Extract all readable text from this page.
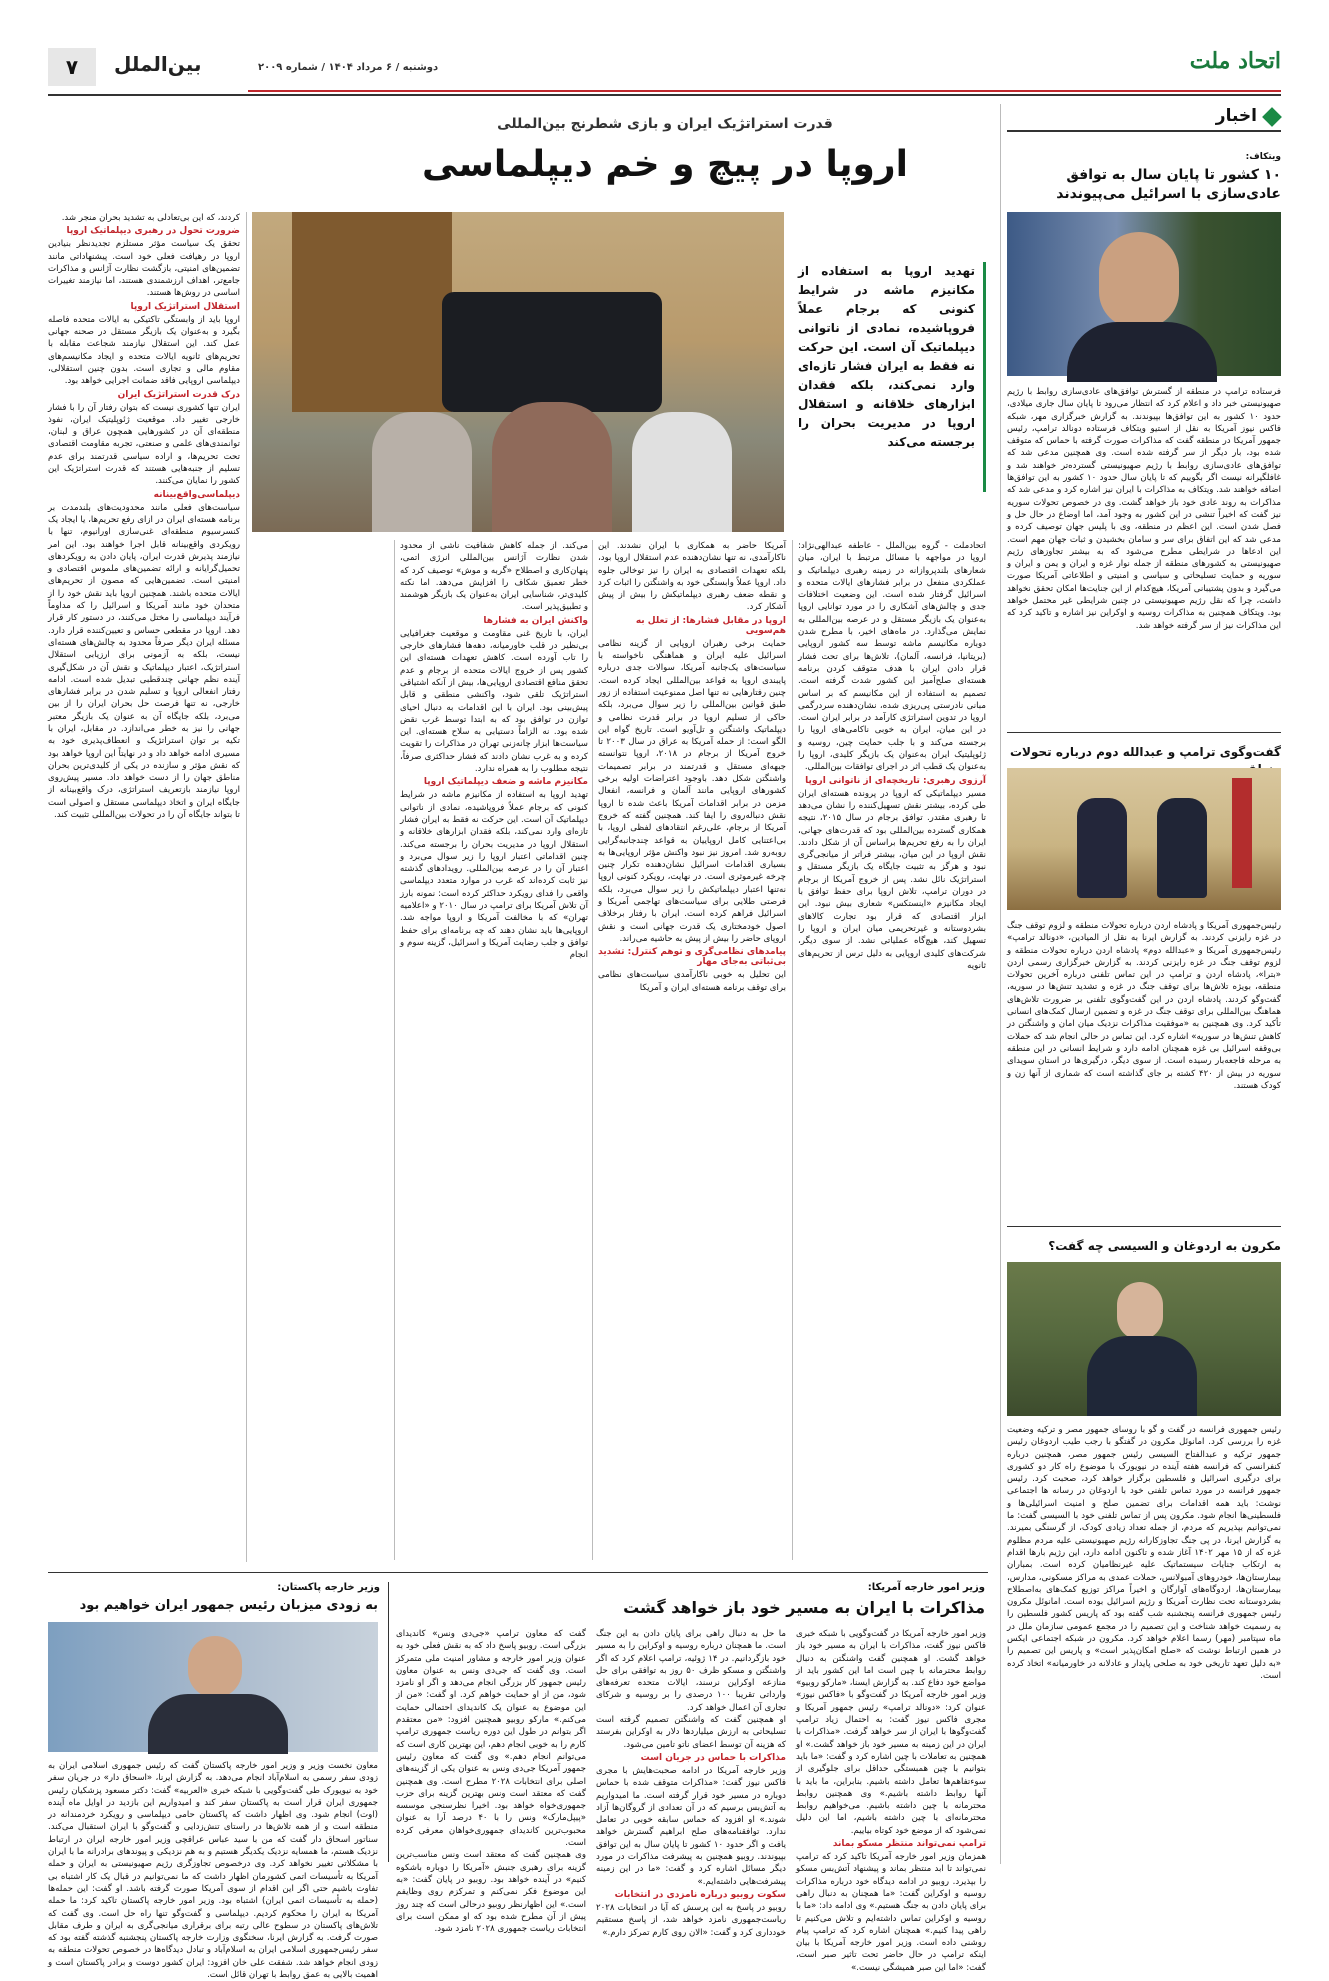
اتحاد ملت
بین‌الملل
۷	دوشنبه / ۶ مرداد ۱۴۰۴ / شماره ۲۰۰۹
اخبار
ویتکاف:
۱۰ کشور تا پایان سال به توافق عادی‌سازی با اسرائیل می‌پیوندند

فرستاده ترامپ در منطقه از گسترش توافق‌های عادی‌سازی روابط با رژیم صهیونیستی خبر داد و اعلام کرد که انتظار می‌رود تا پایان سال جاری میلادی، حدود ۱۰ کشور به این توافق‌ها بپیوندند. به گزارش خبرگزاری مهر، شبکه فاکس نیوز آمریکا به نقل از استیو ویتکاف فرستاده دونالد ترامپ، رئیس جمهور آمریکا در منطقه گفت که مذاکرات صورت گرفته با حماس که متوقف شده بود، بار دیگر از سر گرفته شده است. وی همچنین مدعی شد که توافق‌های عادی‌سازی روابط با رژیم صهیونیستی گسترده‌تر خواهند شد و غافلگیرانه نیست اگر بگوییم که تا پایان سال حدود ۱۰ کشور به این توافق‌ها اضافه خواهند شد. ویتکاف به مذاکرات با ایران نیز اشاره کرد و مدعی شد که مذاکرات به روند عادی خود باز خواهد گشت. وی در خصوص تحولات سوریه نیز گفت که اخیراً تنشی در این کشور به وجود آمد، اما اوضاع در حال حل و فصل شدن است. این اعظم در منطقه، وی با پلیس جهان توصیف کرده و مدعی شد که این اتفاق برای سر و سامان بخشیدن و ثبات جهان مهم است. این ادعاها در شرایطی مطرح می‌شود که به بیشتر تجاوزهای رژیم صهیونیستی به کشورهای منطقه از جمله نوار غزه و ایران و یمن و ایران و سوریه و حمایت تسلیحاتی و سیاسی و امنیتی و اطلاعاتی آمریکا صورت می‌گیرد و بدون پشتیبانی آمریکا، هیچ‌کدام از این جنایت‌ها امکان تحقق نخواهد داشت، چرا که نقل رژیم صهیونیستی در چنین شرایطی غیر محتمل خواهد بود. ویتکاف همچنین به مذاکرات روسیه و اوکراین نیز اشاره و تاکید کرد که این مذاکرات نیز از سر گرفته خواهد شد.

گفت‌وگوی ترامپ و عبدالله دوم درباره تحولات

رئیس‌جمهوری آمریکا و پادشاه اردن درباره تحولات منطقه و لزوم توقف جنگ در غزه رایزنی کردند. به گزارش ایرنا به نقل از المیادین، «دونالد ترامپ» رئیس‌جمهوری آمریکا و «عبدالله دوم» پادشاه اردن درباره تحولات منطقه و لزوم توقف جنگ در غزه رایزنی کردند. به گزارش خبرگزاری رسمی اردن «بترا»، پادشاه اردن و ترامپ در این تماس تلفنی درباره آخرین تحولات منطقه، بویژه تلاش‌ها برای توقف جنگ در غزه و تشدید تنش‌ها در سوریه، گفت‌وگو کردند. پادشاه اردن در این گفت‌وگوی تلفنی بر ضرورت تلاش‌های هماهنگ بین‌المللی برای توقف جنگ در غزه و تضمین ارسال کمک‌های انسانی تأکید کرد. وی همچنین به «موفقیت مذاکرات نزدیک میان امان و واشنگتن در کاهش تنش‌ها در سوریه» اشاره کرد. این تماس در حالی انجام شد که حملات بی‌وقفه اسرائیل بی غزه همچنان ادامه دارد و شرایط انسانی در این منطقه به مرحله فاجعه‌بار رسیده است. از سوی دیگر، درگیری‌ها در استان سویدای سوریه در بیش از ۴۲۰ کشته بر جای گذاشته است که شماری از آنها زن و کودک هستند.

مکرون به اردوغان و السیسی چه گفت؟

رئیس جمهوری فرانسه در گفت و گو با روسای جمهور مصر و ترکیه وضعیت غزه را بررسی کرد. امانوئل مکرون در گفتگو با رجب طیب اردوغان رئیس جمهور ترکیه و عبدالفتاح السیسی رئیس جمهور مصر، همچنین درباره کنفرانسی که فرانسه هفته آینده در نیویورک با موضوع راه کار دو کشوری برای درگیری اسرائیل و فلسطین برگزار خواهد کرد، صحبت کرد. رئیس جمهور فرانسه در مورد تماس تلفنی خود با اردوغان در رسانه ها اجتماعی نوشت: باید همه اقدامات برای تضمین صلح و امنیت اسرائیلی‌ها و فلسطینی‌ها انجام شود. مکرون پس از تماس تلفنی خود با السیسی گفت: ما نمی‌توانیم بپذیریم که مردم، از جمله تعداد زیادی کودک، از گرسنگی بمیرند. به گزارش ایرنا، در پی جنگ تجاوزکارانه رژیم صهیونیستی علیه مردم مظلوم غزه که از ۱۵ مهر ۱۴۰۲ آغاز شده و تاکنون ادامه دارد، این رژیم بارها اقدام به ارتکاب جنایات سیستماتیک علیه غیرنظامیان کرده است. بمباران بیمارستان‌ها، خودروهای آمبولانس، حملات عمدی به مراکز مسکونی، مدارس، بیمارستان‌ها، اردوگاه‌های آوارگان و اخیراً مراکز توزیع کمک‌های به‌اصطلاح بشردوستانه تحت نظارت آمریکا و رژیم اسرائیل بوده است. امانوئل مکرون رئیس جمهوری فرانسه پنجشنبه شب گفته بود که پاریس کشور فلسطین را به رسمیت خواهد شناخت و این تصمیم را در مجمع عمومی سازمان ملل در ماه سپتامبر (مهر) رسما اعلام خواهد کرد. مکرون در شبکه اجتماعی ایکس در همین ارتباط نوشت که «صلح امکان‌پذیر است» و پاریس این تصمیم را «به دلیل تعهد تاریخی خود به صلحی پایدار و عادلانه در خاورمیانه» اتخاذ کرده است.

قدرت استراتژیک ایران و بازی شطرنج بین‌المللی
اروپا در پیچ و خم دیپلماسی
تهدید اروپا به استفاده از مکانیزم ماشه در شرایط کنونی که برجام عملاً فروپاشیده، نمادی از ناتوانی دیپلماتیک آن است. این حرکت نه فقط به ایران فشار تازه‌ای وارد نمی‌کند، بلکه فقدان ابزارهای خلاقانه و استقلال اروپا در مدیریت بحران را برجسته می‌کند

اتحادملت - گروه بین‌الملل - عاطفه عبدالهی‌نژاد: اروپا در مواجهه با مسائل مرتبط با ایران، میان شعارهای بلندپروازانه در زمینه رهبری دیپلماتیک و عملکردی منفعل در برابر فشارهای ایالات متحده و اسرائیل گرفتار شده است. این وضعیت اختلافات جدی و چالش‌های آشکاری را در مورد توانایی اروپا به‌عنوان یک بازیگر مستقل و در عرصه بین‌المللی به نمایش می‌گذارد. در ماه‌های اخیر، با مطرح شدن دوباره مکانیسم ماشه توسط سه کشور اروپایی (بریتانیا، فرانسه، آلمان)، تلاش‌ها برای تحت فشار قرار دادن ایران با هدف متوقف کردن برنامه هسته‌ای صلح‌آمیز این کشور شدت گرفته است. تصمیم به استفاده از این مکانیسم که بر اساس مبانی نادرستی پی‌ریزی شده، نشان‌دهنده سردرگمی اروپا در تدوین استراتژی کارآمد در برابر ایران است. در این میان، ایران به خوبی ناکامی‌های اروپا را برجسته می‌کند و با جلب حمایت چین، روسیه و ژئوپلیتیک ایران به‌عنوان یک بازیگر کلیدی، اروپا را به‌عنوان یک قطب اثر در اجرای توافقات بین‌المللی.

آرزوی رهبری: تاریخچه‌ای از ناتوانی اروپا

مسیر دیپلماتیکی که اروپا در پرونده هسته‌ای ایران طی کرده، بیشتر نقش تسهیل‌کننده را نشان می‌دهد تا رهبری مقتدر. توافق برجام در سال ۲۰۱۵، نتیجه همکاری گسترده بین‌المللی بود که قدرت‌های جهانی، ایران را به رفع تحریم‌ها براساس آن از شکل دادند. نقش اروپا در این میان، بیشتر فراتر از میانجی‌گری نبود و هرگز به تثبیت جایگاه یک بازیگر مستقل و استراتژیک نائل نشد. پس از خروج آمریکا از برجام در دوران ترامپ، تلاش اروپا برای حفظ توافق با ایجاد مکانیزم «اینستکس» شعاری بیش نبود. این ابزار اقتصادی که قرار بود تجارت کالاهای بشردوستانه و غیرتحریمی میان ایران و اروپا را تسهیل کند، هیچ‌گاه عملیاتی نشد. از سوی دیگر، شرکت‌های کلیدی اروپایی به دلیل ترس از تحریم‌های ثانویه

آمریکا حاضر به همکاری با ایران نشدند. این ناکارآمدی، نه تنها نشان‌دهنده عدم استقلال اروپا بود، بلکه تعهدات اقتصادی به ایران را نیز توخالی جلوه داد. اروپا عملاً وابستگی خود به واشنگتن را اثبات کرد و نقطه ضعف رهبری دیپلماتیکش را بیش از پیش آشکار کرد.

اروپا در مقابل فشارها: از تعلل به هم‌سویی

حمایت برخی رهبران اروپایی از گزینه نظامی اسرائیل علیه ایران و هماهنگی ناخواسته با سیاست‌های یک‌جانبه آمریکا، سوالات جدی درباره پایبندی اروپا به قواعد بین‌المللی ایجاد کرده است. چنین رفتارهایی نه تنها اصل ممنوعیت استفاده از زور طبق قوانین بین‌المللی را زیر سوال می‌برد، بلکه حاکی از تسلیم اروپا در برابر قدرت نظامی و دیپلماتیک واشنگتن و تل‌آویو است. تاریخ گواه این الگو است: از حمله آمریکا به عراق در سال ۲۰۰۳ تا خروج آمریکا از برجام در ۲۰۱۸، اروپا نتوانسته جبهه‌ای مستقل و قدرتمند در برابر تصمیمات واشنگتن شکل دهد. باوجود اعتراضات اولیه برخی کشورهای اروپایی مانند آلمان و فرانسه، انفعال مزمن در برابر اقدامات آمریکا باعث شده تا اروپا نقش دنباله‌روی را ایفا کند. همچنین گفته که خروج آمریکا از برجام، علی‌رغم انتقادهای لفظی اروپا، با بی‌اعتنایی کامل اروپاییان به قواعد چندجانبه‌گرایی روبه‌رو شد. امروز نیز نبود واکنش مؤثر اروپایی‌ها به بسیاری اقدامات اسرائیل نشان‌دهنده تکرار چنین چرخه غیرموثری است. در نهایت، رویکرد کنونی اروپا نه‌تنها اعتبار دیپلماتیکش را زیر سوال می‌برد، بلکه فرصتی طلایی برای سیاست‌های تهاجمی آمریکا و اسرائیل فراهم کرده است. ایران با رفتار برخلاف اصول خودمختاری یک قدرت جهانی است و نقش اروپای حاضر را بیش از پیش به حاشیه می‌راند.

پیامدهای نظامی‌گری و توهم کنترل: تشدید بی‌ثباتی به‌جای مهار

این تحلیل به خوبی ناکارآمدی سیاست‌های نظامی برای توقف برنامه هسته‌ای ایران و آمریکا

می‌کند. از جمله کاهش شفافیت ناشی از محدود شدن نظارت آژانس بین‌المللی انرژی اتمی، پنهان‌کاری و اصطلاح «گربه و موش» توصیف کرد که خطر تعمیق شکاف را افزایش می‌دهد. اما نکته کلیدی‌تر، شناسایی ایران به‌عنوان یک بازیگر هوشمند و تطبیق‌پذیر است.

واکنش ایران به فشارها

ایران، با تاریخ غنی مقاومت و موقعیت جغرافیایی بی‌نظیر در قلب خاورمیانه، دهه‌ها فشارهای خارجی را تاب آورده است. کاهش تعهدات هسته‌ای این کشور پس از خروج ایالات متحده از برجام و عدم تحقق منافع اقتصادی اروپایی‌ها، بیش از آنکه اشتیاقی استراتژیک تلقی شود، واکنشی منطقی و قابل پیش‌بینی بود. ایران با این اقدامات به دنبال احیای توازن در توافق بود که به ابتدا توسط غرب نقض شده بود. نه الزاماً دستیابی به سلاح هسته‌ای. این سیاست‌ها ابزار چانه‌زنی تهران در مذاکرات را تقویت کرده و به غرب نشان دادند که فشار حداکثری صرفاً، نتیجه مطلوب را به همراه ندارد.

مکانیزم ماشه و ضعف دیپلماتیک اروپا

تهدید اروپا به استفاده از مکانیزم ماشه در شرایط کنونی که برجام عملاً فروپاشیده، نمادی از ناتوانی دیپلماتیک آن است. این حرکت نه فقط به ایران فشار تازه‌ای وارد نمی‌کند، بلکه فقدان ابزارهای خلاقانه و استقلال اروپا در مدیریت بحران را برجسته می‌کند. چنین اقداماتی اعتبار اروپا را زیر سوال می‌برد و اعتبار آن را در عرصه بین‌المللی. رویدادهای گذشته نیز ثابت کرده‌اند که غرب در موارد متعدد دیپلماسی واقعی را فدای رویکرد حداکثر کرده است: نمونه بارز آن تلاش آمریکا برای ترامپ در سال ۲۰۱۰ و «اعلامیه تهران» که با مخالفت آمریکا و اروپا مواجه شد. اروپایی‌ها باید نشان دهند که چه برنامه‌ای برای حفظ توافق و جلب رضایت آمریکا و اسرائیل، گزینه سوم و انجام

کردند، که این بی‌تعادلی به تشدید بحران منجر شد.

ضرورت تحول در رهبری دیپلماتیک اروپا

تحقق یک سیاست مؤثر مستلزم تجدیدنظر بنیادین اروپا در رهیافت فعلی خود است. پیشنهاداتی مانند تضمین‌های امنیتی، بازگشت نظارت آژانس و مذاکرات جامع‌تر، اهداف ارزشمندی هستند، اما نیازمند تغییرات اساسی در روش‌ها هستند.

استقلال استراتژیک اروپا

اروپا باید از وابستگی تاکتیکی به ایالات متحده فاصله بگیرد و به‌عنوان یک بازیگر مستقل در صحنه جهانی عمل کند. این استقلال نیازمند شجاعت مقابله با تحریم‌های ثانویه ایالات متحده و ایجاد مکانیسم‌های مقاوم مالی و تجاری است. بدون چنین استقلالی، دیپلماسی اروپایی فاقد ضمانت اجرایی خواهد بود.

درک قدرت استراتژیک ایران

ایران تنها کشوری نیست که بتوان رفتار آن را با فشار خارجی تغییر داد. موقعیت ژئوپلیتیک ایران، نفوذ منطقه‌ای آن در کشورهایی همچون عراق و لبنان، توانمندی‌های علمی و صنعتی، تجربه مقاومت اقتصادی تحت تحریم‌ها، و اراده سیاسی قدرتمند برای عدم تسلیم از جنبه‌هایی هستند که قدرت استراتژیک این کشور را نمایان می‌کنند.

دیپلماسی‌واقع‌بینانه

سیاست‌های فعلی مانند محدودیت‌های بلندمدت بر برنامه هسته‌ای ایران در ازای رفع تحریم‌ها، یا ایجاد یک کنسرسیوم منطقه‌ای غنی‌سازی اورانیوم، تنها با رویکردی واقع‌بینانه قابل اجرا خواهند بود. این امر نیازمند پذیرش قدرت ایران، پایان دادن به رویکردهای تحمیل‌گرایانه و ارائه تضمین‌های ملموس اقتصادی و امنیتی است. تضمین‌هایی که مصون از تحریم‌های ایالات متحده باشند. همچنین اروپا باید نقش خود را از متحدان خود مانند آمریکا و اسرائیل را که مداوماً فرآیند دیپلماسی را مختل می‌کنند، در دستور کار قرار دهد. اروپا در مقطعی حساس و تعیین‌کننده قرار دارد. مسئله ایران دیگر صرفاً محدود به چالش‌های هسته‌ای نیست، بلکه به آزمونی برای ارزیابی استقلال استراتژیک، اعتبار دیپلماتیک و نقش آن در شکل‌گیری آینده نظم جهانی چندقطبی تبدیل شده است. ادامه رفتار انفعالی اروپا و تسلیم شدن در برابر فشارهای خارجی، نه تنها فرصت حل بحران ایران را از بین می‌برد، بلکه جایگاه آن به عنوان یک بازیگر معتبر جهانی را نیز به خطر می‌اندازد. در مقابل، ایران با تکیه بر توان استراتژیک و انعطاف‌پذیری خود به مسیری ادامه خواهد داد و در نهایتاً این اروپا خواهد بود که نقش مؤثر و سازنده در یکی از کلیدی‌ترین بحران مناطق جهان را از دست خواهد داد. مسیر پیش‌روی اروپا نیازمند بازتعریف استراتژی، درک واقع‌بینانه از جایگاه ایران و اتخاذ دیپلماسی مستقل و اصولی است تا بتواند جایگاه آن را در تحولات بین‌المللی تثبیت کند.

وزیر امور خارجه آمریکا:
مذاکرات با ایران به مسیر خود باز خواهد گشت

وزیر امور خارجه آمریکا در گفت‌وگویی با شبکه خبری فاکس نیوز گفت، مذاکرات با ایران به مسیر خود باز خواهد گشت. او همچنین گفت واشنگتن به دنبال روابط محترمانه با چین است اما این کشور باید از مواضع خود دفاع کند. به گزارش ایسنا، «مارکو روبیو» وزیر امور خارجه آمریکا در گفت‌وگو با «فاکس نیوز» عنوان کرد: «دونالد ترامپ» رئیس جمهور آمریکا و مجری فاکس نیوز گفت: به احتمال زیاد ترامپ گفت‌وگوها با ایران از سر خواهد گرفت. «مذاکرات با ایران در این زمینه به مسیر خود باز خواهد گشت.» او همچنین به تعاملات با چین اشاره کرد و گفت: «ما باید بتوانیم با چین همبستگی حداقل برای جلوگیری از سوءتفاهم‌ها تعامل داشته باشیم. بنابراین، ما باید با آنها روابط داشته باشیم.» وی همچنین روابط محترمانه با چین داشته باشیم. می‌خواهیم روابط محترمانه‌ای با چین داشته باشیم، اما این دلیل نمی‌شود که از موضع خود کوتاه بیاییم.

ترامپ نمی‌تواند منتظر مسکو بماند

همزمان وزیر امور خارجه آمریکا تاکید کرد که ترامپ نمی‌تواند تا ابد منتظر بماند و پیشنهاد آتش‌بس مسکو را بپذیرد. روبیو در ادامه دیدگاه خود درباره مذاکرات روسیه و اوکراین گفت: «ما همچنان به دنبال راهی برای پایان دادن به جنگ هستیم.» وی ادامه داد: «ما با روسیه و اوکراین تماس داشته‌ایم و تلاش می‌کنیم تا راهی پیدا کنیم.» همچنان اشاره کرد که ترامپ پیام روشنی داده است. وزیر امور خارجه آمریکا با بیان اینکه ترامپ در حال حاضر تحت تاثیر صبر است، گفت: «اما این صبر همیشگی نیست.»

ما حل به دنبال راهی برای پایان دادن به این جنگ است. ما همچنان درباره روسیه و اوکراین را به مسیر خود بازگردانیم. در ۱۴ ژوئیه، ترامپ اعلام کرد که اگر واشنگتن و مسکو ظرف ۵۰ روز به توافقی برای حل منازعه اوکراین نرسند، ایالات متحده تعرفه‌های وارداتی تقریبا ۱۰۰ درصدی را بر روسیه و شرکای تجاری آن اعمال خواهد کرد.

او همچنین گفت که واشنگتن تصمیم گرفته است تسلیحاتی به ارزش میلیاردها دلار به اوکراین بفرستد که هزینه آن توسط اعضای ناتو تامین می‌شود.

مذاکرات با حماس در جریان است

وزیر خارجه آمریکا در ادامه صحبت‌هایش با مجری فاکس نیوز گفت: «مذاکرات متوقف شده با حماس دوباره در مسیر خود قرار گرفته است. ما امیدواریم به آتش‌بس برسیم که در آن تعدادی از گروگان‌ها آزاد شوند.» او افزود که حماس سابقه خوبی در تعامل ندارد. توافقنامه‌های صلح ابراهیم گسترش خواهد یافت و اگر حدود ۱۰ کشور تا پایان سال به این توافق بپیوندند. روبیو همچنین به پیشرفت مذاکرات در مورد دیگر مسائل اشاره کرد و گفت: «ما در این زمینه پیشرفت‌هایی داشته‌ایم.»

سکوت روبیو درباره نامزدی در انتخابات

روبیو در پاسخ به این پرسش که آیا در انتخابات ۲۰۲۸ ریاست‌جمهوری نامزد خواهد شد، از پاسخ مستقیم خودداری کرد و گفت: «الان روی کارم تمرکز دارم.»

گفت که معاون ترامپ «جی‌دی ونس» کاندیدای بزرگی است. روبیو پاسخ داد که به نقش فعلی خود به عنوان وزیر امور خارجه و مشاور امنیت ملی متمرکز است. وی گفت که جی‌دی ونس به عنوان معاون رئیس جمهور کار بزرگی انجام می‌دهد و اگر او نامزد شود، من از او حمایت خواهم کرد. او گفت: «من از این موضوع به عنوان یک کاندیدای احتمالی حمایت می‌کنم.» مارکو روبیو همچنین افزود: «من معتقدم اگر بتوانم در طول این دوره ریاست جمهوری ترامپ کارم را به خوبی انجام دهم، این بهترین کاری است که می‌توانم انجام دهم.» وی گفت که معاون رئیس جمهور آمریکا جی‌دی ونس به عنوان یکی از گزینه‌های اصلی برای انتخابات ۲۰۲۸ مطرح است. وی همچنین گفت که معتقد است ونس بهترین گزینه برای حزب جمهوری‌خواه خواهد بود. اخیرا نظرسنجی موسسه «پیپل‌مارک» ونس را با ۴۰ درصد آرا به عنوان محبوب‌ترین کاندیدای جمهوری‌خواهان معرفی کرده است.

وی همچنین گفت که معتقد است ونس مناسب‌ترین گزینه برای رهبری جنبش «آمریکا را دوباره باشکوه کنیم» در آینده خواهد بود. روبیو در پایان گفت: «به این موضوع فکر نمی‌کنم و تمرکزم روی وظایفم است.» این اظهارنظر روبیو درحالی است که چند روز پیش از آن مطرح شده بود که او ممکن است برای انتخابات ریاست جمهوری ۲۰۲۸ نامزد شود.

وزیر خارجه پاکستان:
به زودی میزبان رئیس جمهور ایران خواهیم بود

معاون نخست وزیر و وزیر امور خارجه پاکستان گفت که رئیس جمهوری اسلامی ایران به زودی سفر رسمی به اسلام‌آباد انجام می‌دهد. به گزارش ایرنا، «اسحاق دار» در جریان سفر خود به نیویورک طی گفت‌وگویی با شبکه خبری «العربیه» گفت: دکتر مسعود پزشکیان رئیس جمهوری ایران قرار است به پاکستان سفر کند و امیدواریم این بازدید در اوایل ماه آینده (اوت) انجام شود. وی اظهار داشت که پاکستان حامی دیپلماسی و رویکرد خردمندانه در منطقه است و از همه تلاش‌ها در راستای تنش‌زدایی و گفت‌وگو با ایران استقبال می‌کند. سناتور اسحاق دار گفت که من با سید عباس عراقچی وزیر امور خارجه ایران در ارتباط نزدیک هستم، ما همسایه نزدیک یکدیگر هستیم و به هم نزدیکی و پیوندهای برادرانه ما با ایران با مشکلاتی تغییر نخواهد کرد. وی درخصوص تجاوزگری رژیم صهیونیستی به ایران و حمله آمریکا به تأسیسات اتمی کشورمان اظهار داشت که ما نمی‌توانیم در قبال یک کار اشتباه بی تفاوت باشیم حتی اگر این اقدام از سوی آمریکا صورت گرفته باشد. او گفت: این حمله‌ها (حمله به تأسیسات اتمی ایران) اشتباه بود. وزیر امور خارجه پاکستان تاکید کرد: ما حمله آمریکا به ایران را محکوم کردیم. دیپلماسی و گفت‌وگو تنها راه حل است. وی گفت که تلاش‌های پاکستان در سطوح عالی رتبه برای برقراری میانجی‌گری به ایران و طرف مقابل صورت گرفت. به گزارش ایرنا، سخنگوی وزارت خارجه پاکستان پنجشنبه گذشته گفته بود که سفر رئیس‌جمهوری اسلامی ایران به اسلام‌آباد و تبادل دیدگاه‌ها در خصوص تحولات منطقه به زودی انجام خواهد شد. شفقت علی خان افزود: ایران کشور دوست و برادر پاکستان است و اهمیت بالایی به عمق روابط با تهران قائل است.
